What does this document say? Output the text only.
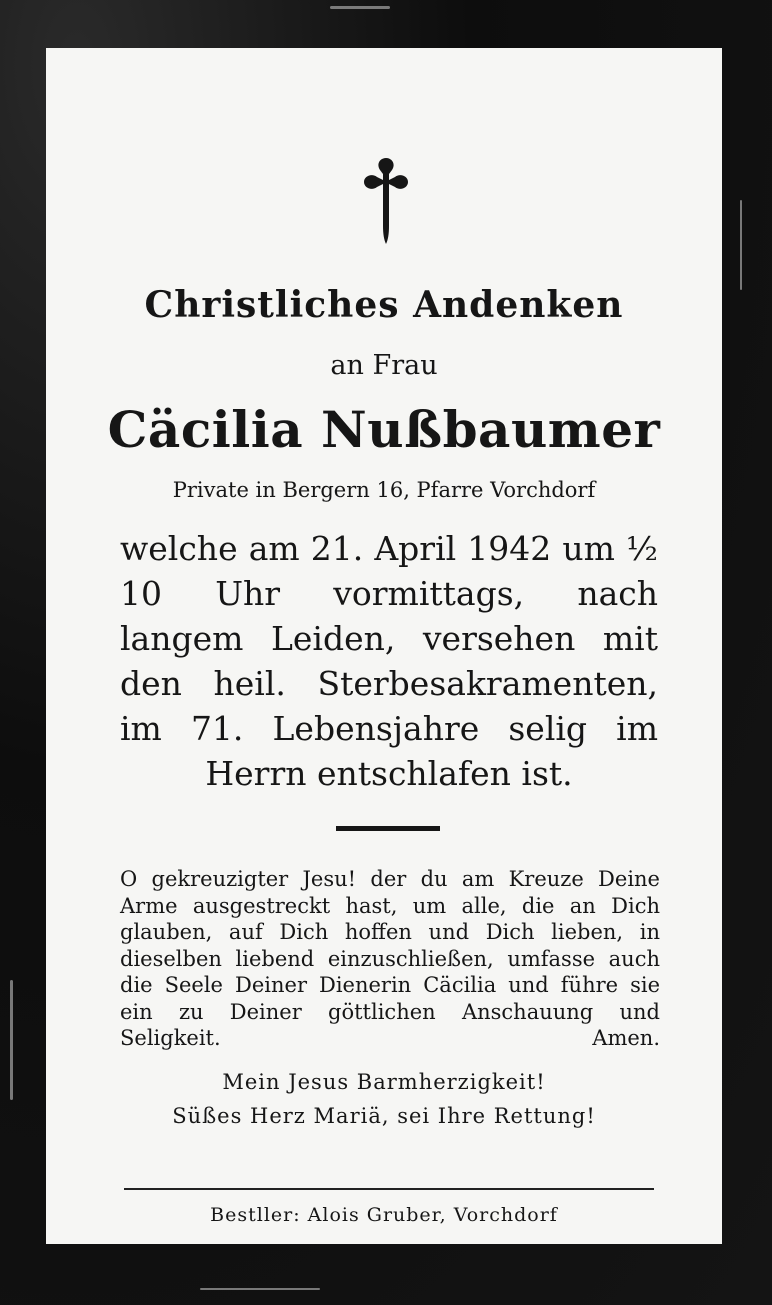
Christliches Andenken
an Frau
Cäcilia Nußbaumer
Private in Bergern 16, Pfarre Vorchdorf
welche am 21. April 1942 um ½ 10 Uhr vormittags, nach langem Leiden, versehen mit den heil. Sterbesakramenten, im 71. Lebensjahre selig im Herrn entschlafen ist.
O gekreuzigter Jesu! der du am Kreuze Deine Arme ausgestreckt hast, um alle, die an Dich glauben, auf Dich hoffen und Dich lieben, in dieselben liebend einzuschließen, umfasse auch die Seele Deiner Dienerin Cäcilia und führe sie ein zu Deiner göttlichen Anschauung und Seligkeit. Amen.
Mein Jesus Barmherzigkeit!
Süßes Herz Mariä, sei Ihre Rettung!
Bestller: Alois Gruber, Vorchdorf
